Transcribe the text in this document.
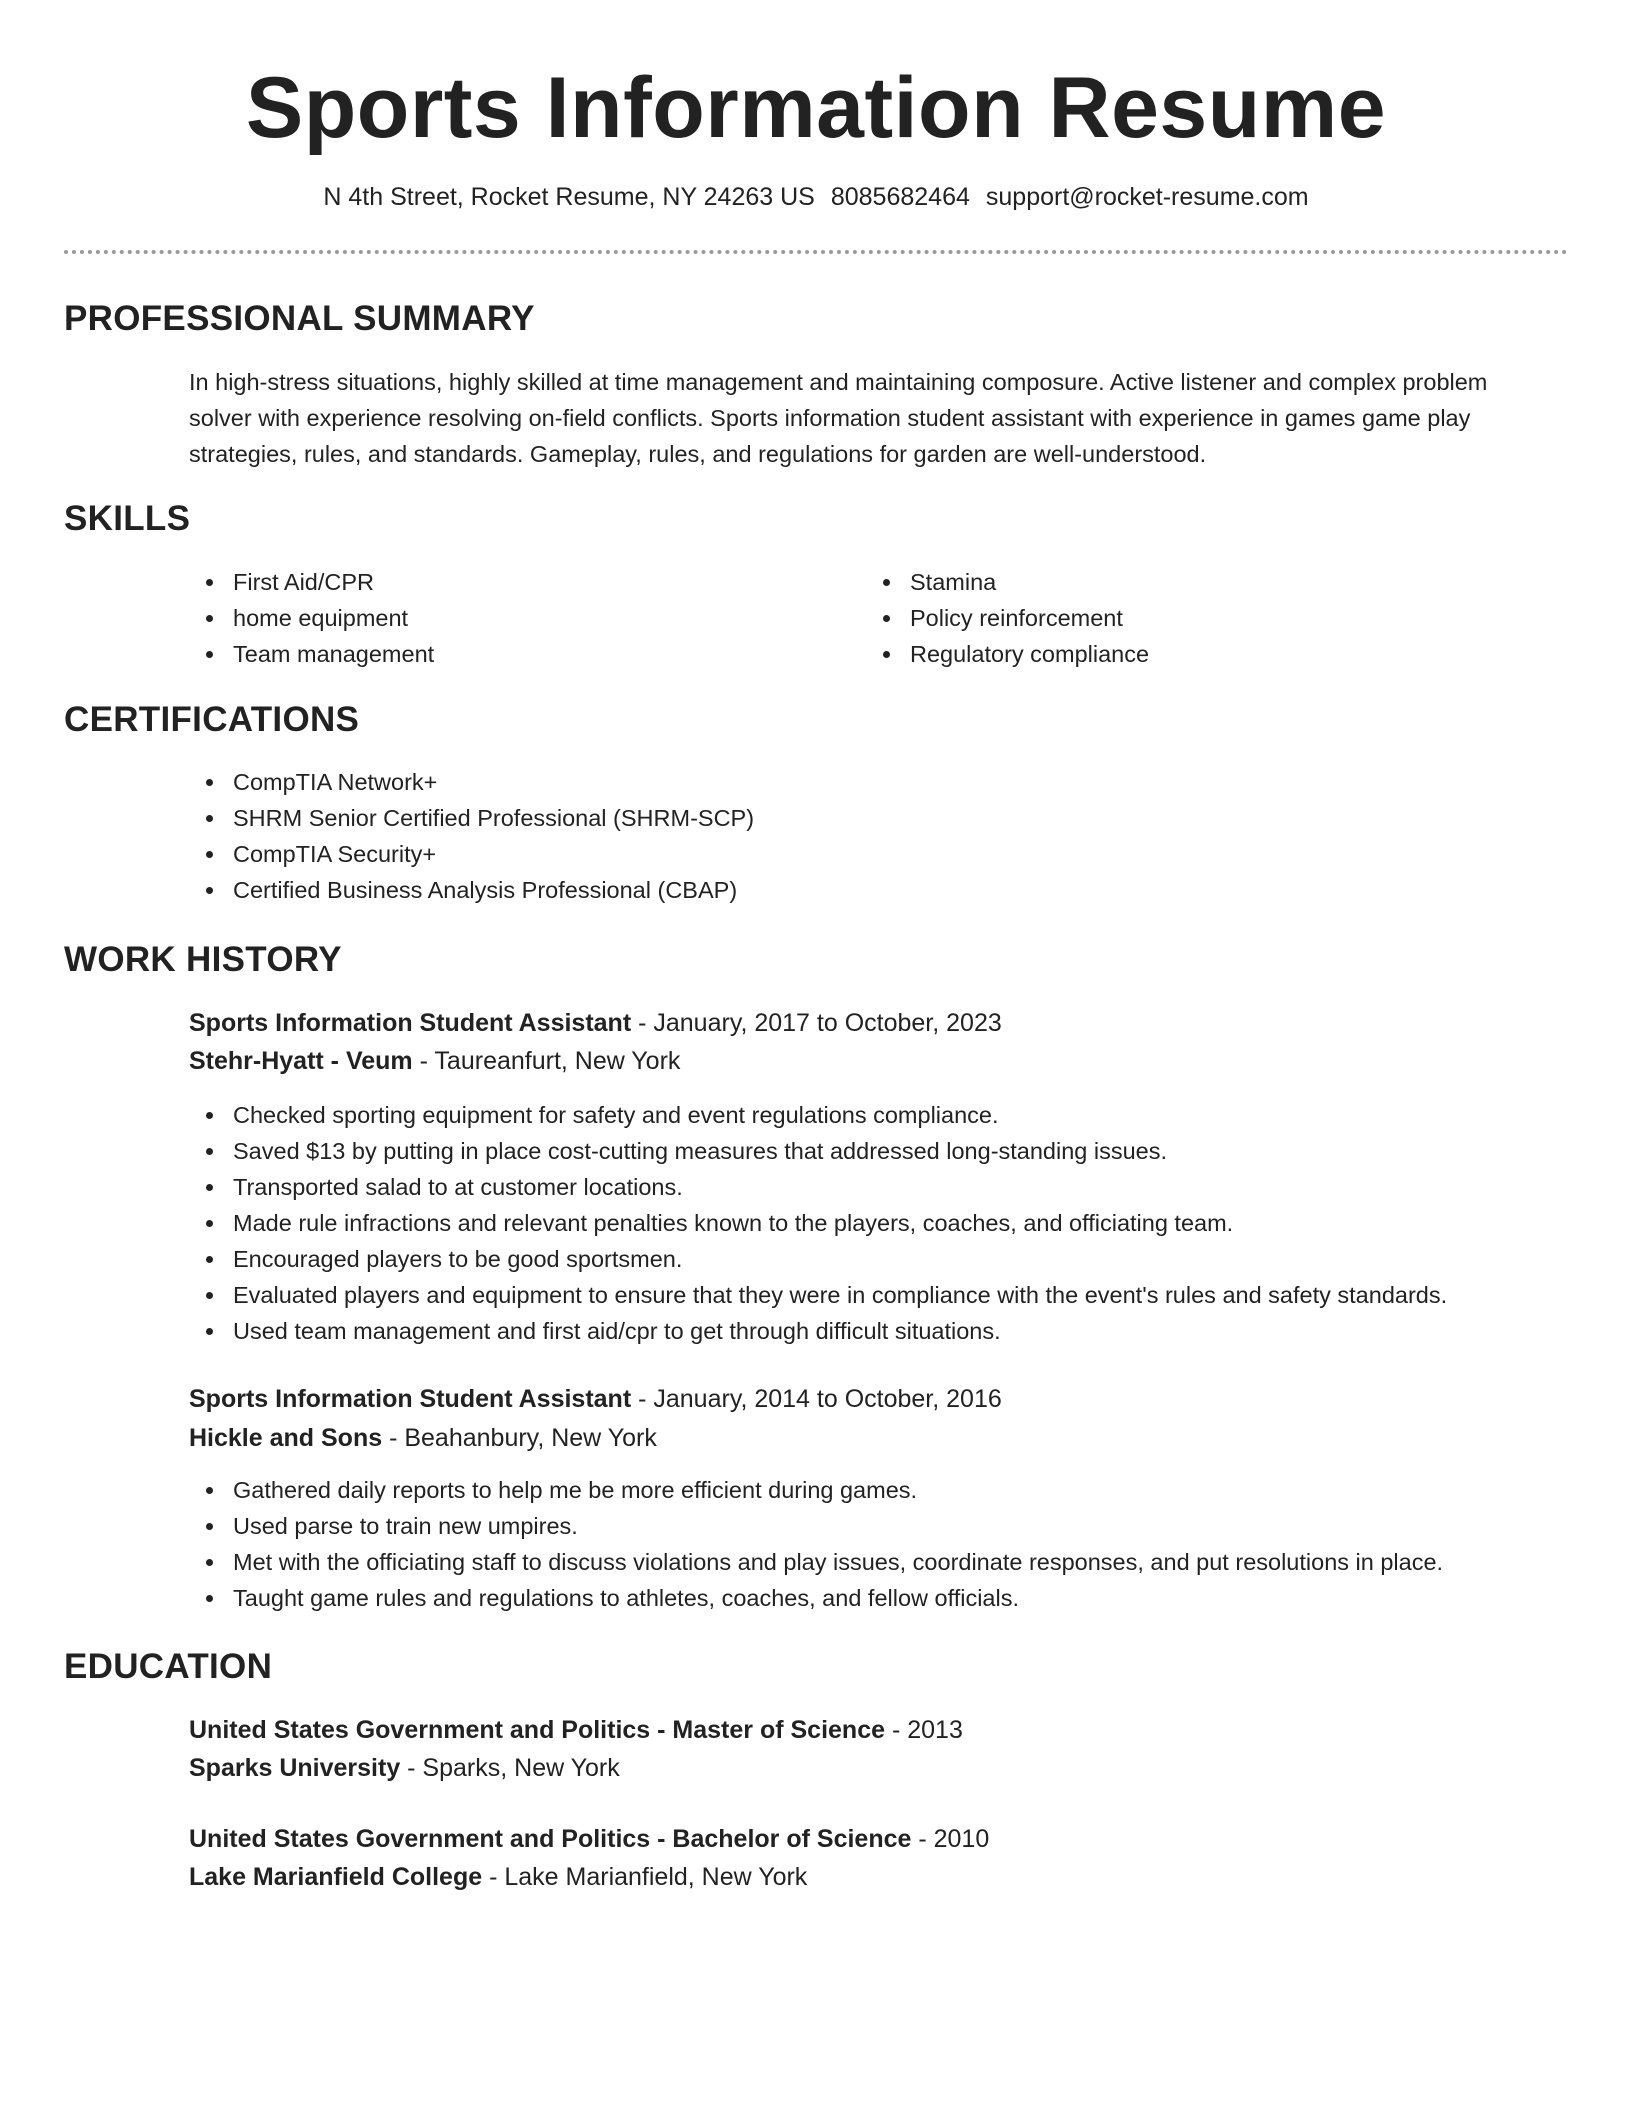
Sports Information Resume
N 4th Street, Rocket Resume, NY 24263 US 8085682464 support@rocket-resume.com
PROFESSIONAL SUMMARY
In high-stress situations, highly skilled at time management and maintaining composure. Active listener and complex problem solver with experience resolving on-field conflicts. Sports information student assistant with experience in games game play strategies, rules, and standards. Gameplay, rules, and regulations for garden are well-understood.
SKILLS
First Aid/CPR
home equipment
Team management
Stamina
Policy reinforcement
Regulatory compliance
CERTIFICATIONS
CompTIA Network+
SHRM Senior Certified Professional (SHRM-SCP)
CompTIA Security+
Certified Business Analysis Professional (CBAP)
WORK HISTORY
Sports Information Student Assistant - January, 2017 to October, 2023
Stehr-Hyatt - Veum - Taureanfurt, New York
Checked sporting equipment for safety and event regulations compliance.
Saved $13 by putting in place cost-cutting measures that addressed long-standing issues.
Transported salad to at customer locations.
Made rule infractions and relevant penalties known to the players, coaches, and officiating team.
Encouraged players to be good sportsmen.
Evaluated players and equipment to ensure that they were in compliance with the event's rules and safety standards.
Used team management and first aid/cpr to get through difficult situations.
Sports Information Student Assistant - January, 2014 to October, 2016
Hickle and Sons - Beahanbury, New York
Gathered daily reports to help me be more efficient during games.
Used parse to train new umpires.
Met with the officiating staff to discuss violations and play issues, coordinate responses, and put resolutions in place.
Taught game rules and regulations to athletes, coaches, and fellow officials.
EDUCATION
United States Government and Politics - Master of Science - 2013
Sparks University - Sparks, New York
United States Government and Politics - Bachelor of Science - 2010
Lake Marianfield College - Lake Marianfield, New York
